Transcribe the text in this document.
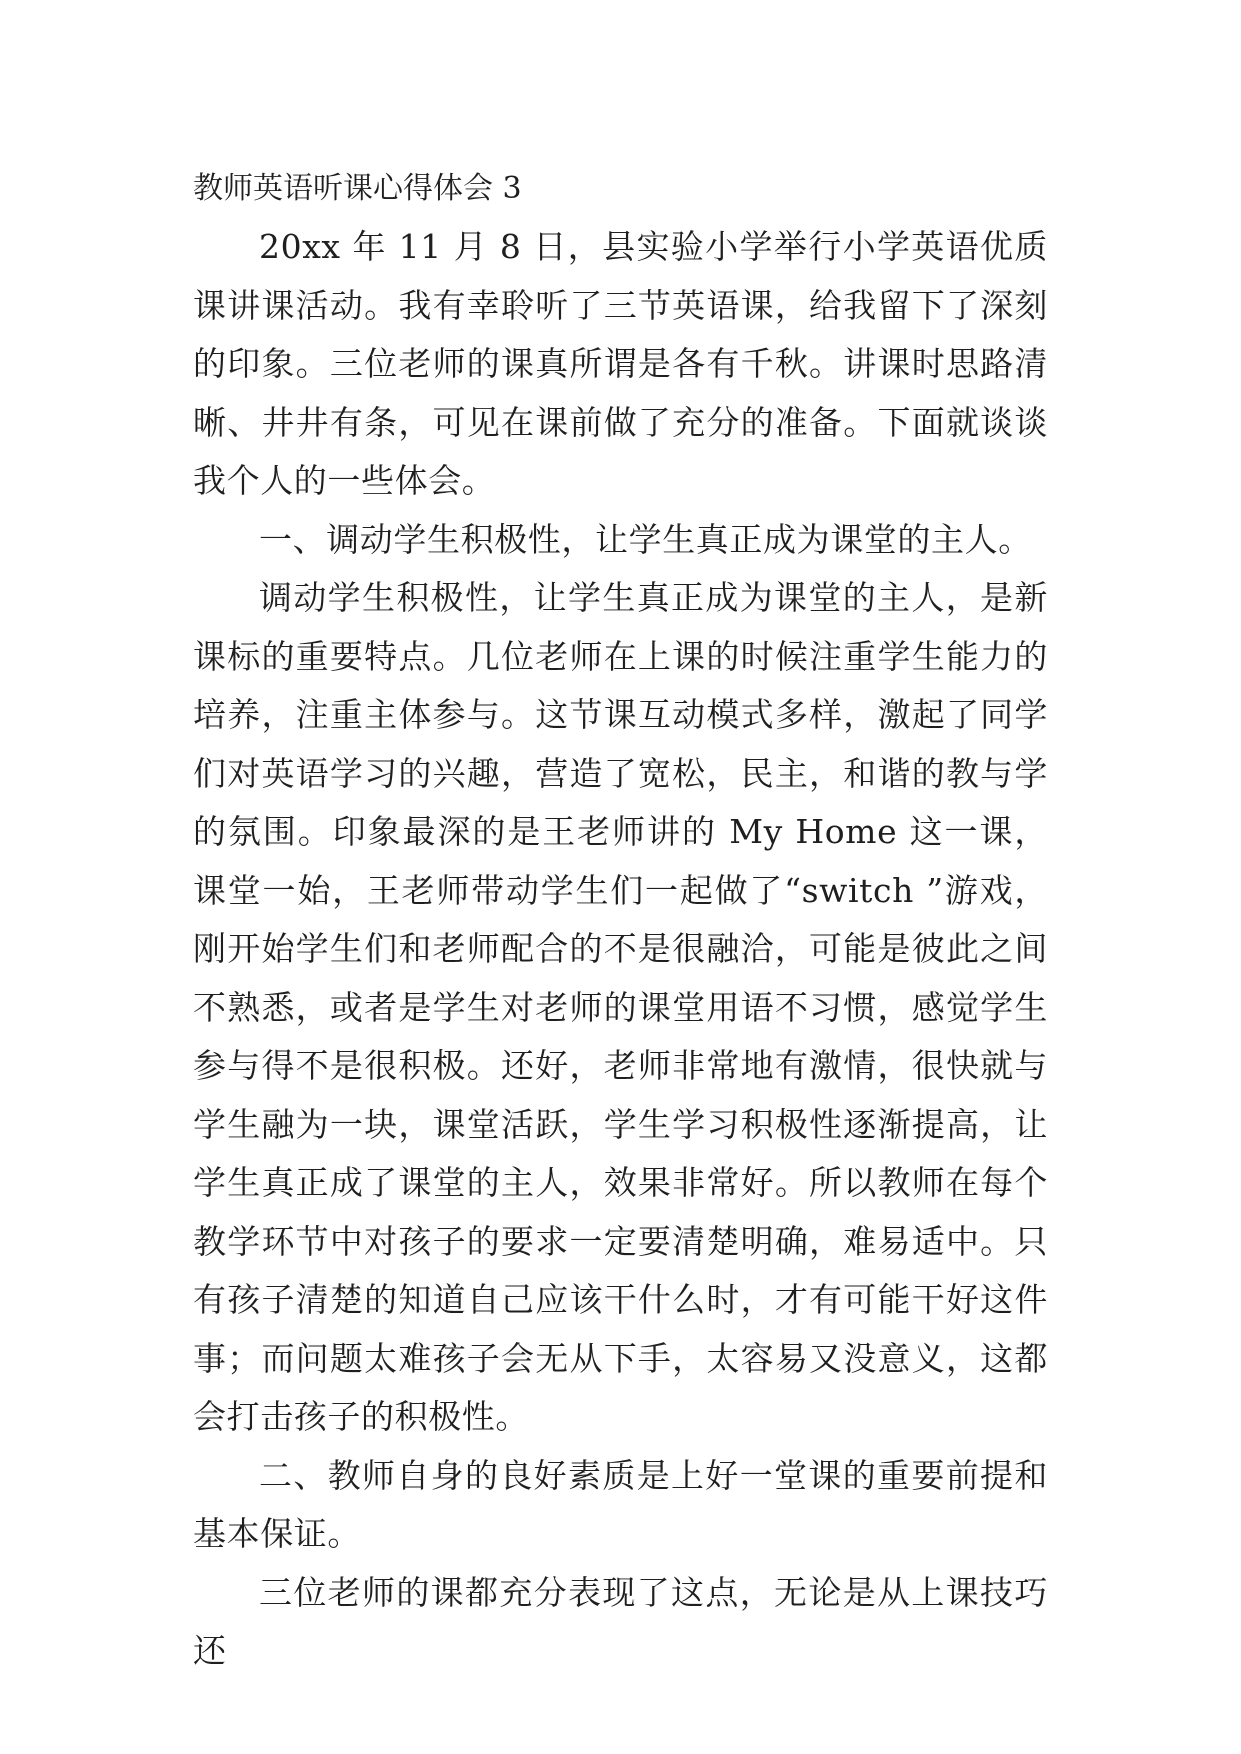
教师英语听课心得体会 3

20xx 年 11 月 8 日，县实验小学举行小学英语优质课讲课活动。我有幸聆听了三节英语课，给我留下了深刻的印象。三位老师的课真所谓是各有千秋。讲课时思路清晰、井井有条，可见在课前做了充分的准备。下面就谈谈我个人的一些体会。

一、调动学生积极性，让学生真正成为课堂的主人。

调动学生积极性，让学生真正成为课堂的主人，是新课标的重要特点。几位老师在上课的时候注重学生能力的培养，注重主体参与。这节课互动模式多样，激起了同学们对英语学习的兴趣，营造了宽松，民主，和谐的教与学的氛围。印象最深的是王老师讲的 My Home 这一课，课堂一始，王老师带动学生们一起做了“switch ”游戏，刚开始学生们和老师配合的不是很融洽，可能是彼此之间不熟悉，或者是学生对老师的课堂用语不习惯，感觉学生参与得不是很积极。还好，老师非常地有激情，很快就与学生融为一块，课堂活跃，学生学习积极性逐渐提高，让学生真正成了课堂的主人，效果非常好。所以教师在每个教学环节中对孩子的要求一定要清楚明确，难易适中。只有孩子清楚的知道自己应该干什么时，才有可能干好这件事；而问题太难孩子会无从下手，太容易又没意义，这都会打击孩子的积极性。

二、教师自身的良好素质是上好一堂课的重要前提和基本保证。

三位老师的课都充分表现了这点，无论是从上课技巧还
